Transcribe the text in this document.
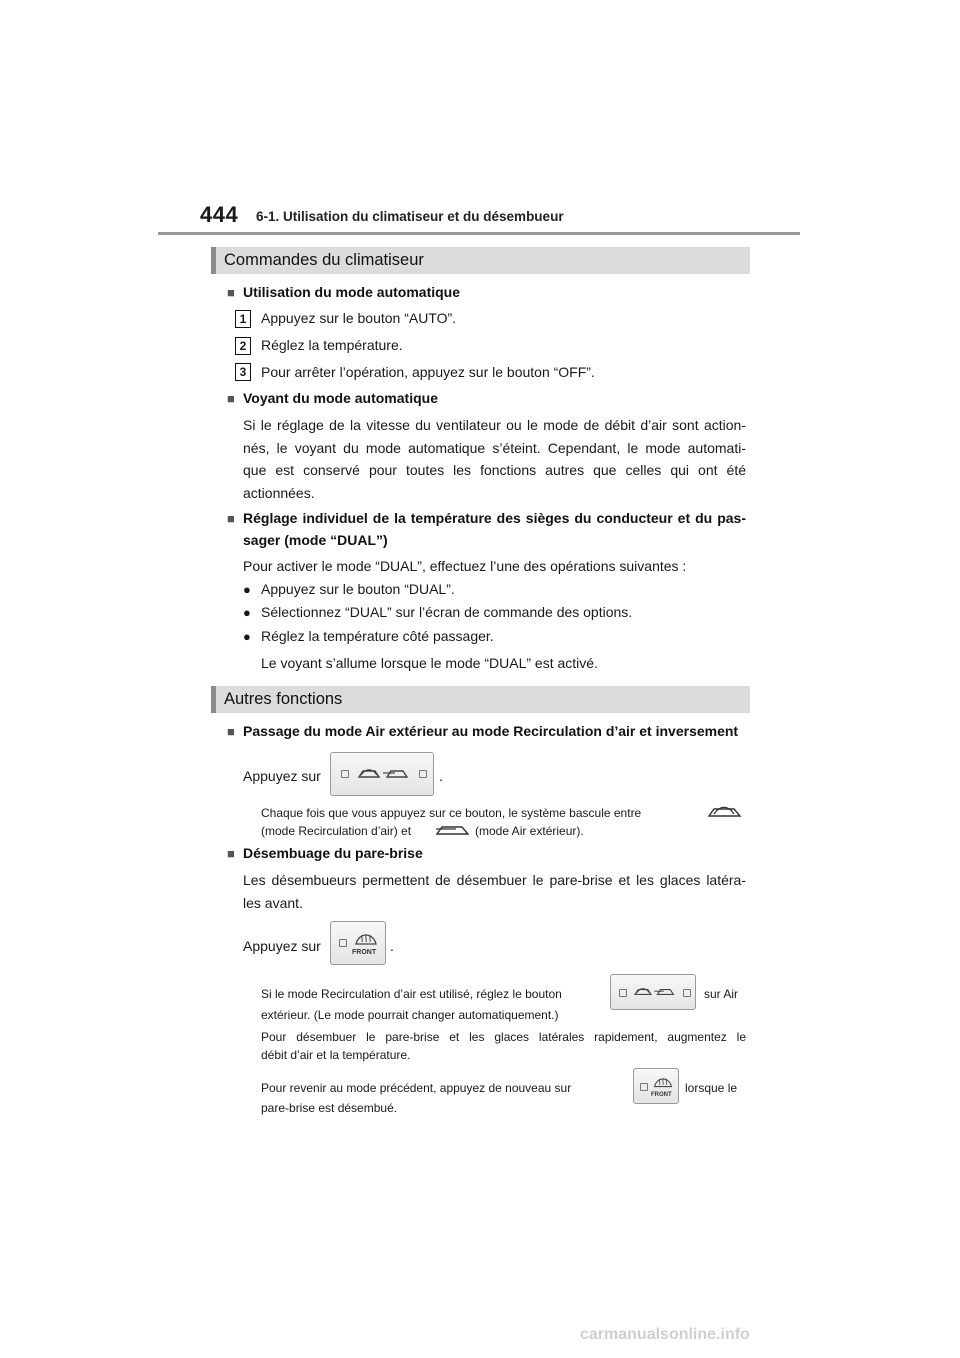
444 6-1. Utilisation du climatiseur et du désembueur
Commandes du climatiseur
■ Utilisation du mode automatique
1	Appuyez sur le bouton “AUTO”.
2	Réglez la température.
3	Pour arrêter l’opération, appuyez sur le bouton “OFF”.
■ Voyant du mode automatique
Si le réglage de la vitesse du ventilateur ou le mode de débit d’air sont action-
nés, le voyant du mode automatique s’éteint. Cependant, le mode automati-
que est conservé pour toutes les fonctions autres que celles qui ont été
actionnées.
■ Réglage individuel de la température des sièges du conducteur et du pas-
sager (mode “DUAL”)
Pour activer le mode “DUAL”, effectuez l’une des opérations suivantes :
● Appuyez sur le bouton “DUAL”.
● Sélectionnez “DUAL” sur l’écran de commande des options.
● Réglez la température côté passager.
Le voyant s’allume lorsque le mode “DUAL” est activé.
Autres fonctions
■ Passage du mode Air extérieur au mode Recirculation d’air et inversement
Appuyez sur	.
Chaque fois que vous appuyez sur ce bouton, le système bascule entre
(mode Recirculation d’air) et	(mode Air extérieur).
■ Désembuage du pare-brise
Les désembueurs permettent de désembuer le pare-brise et les glaces latéra-
les avant.
Appuyez sur	FRONT .
Si le mode Recirculation d’air est utilisé, réglez le bouton	sur Air
extérieur. (Le mode pourrait changer automatiquement.)
Pour désembuer le pare-brise et les glaces latérales rapidement, augmentez le
débit d’air et la température.
Pour revenir au mode précédent, appuyez de nouveau sur	FRONT lorsque le
pare-brise est désembué.
carmanualsonline.info
